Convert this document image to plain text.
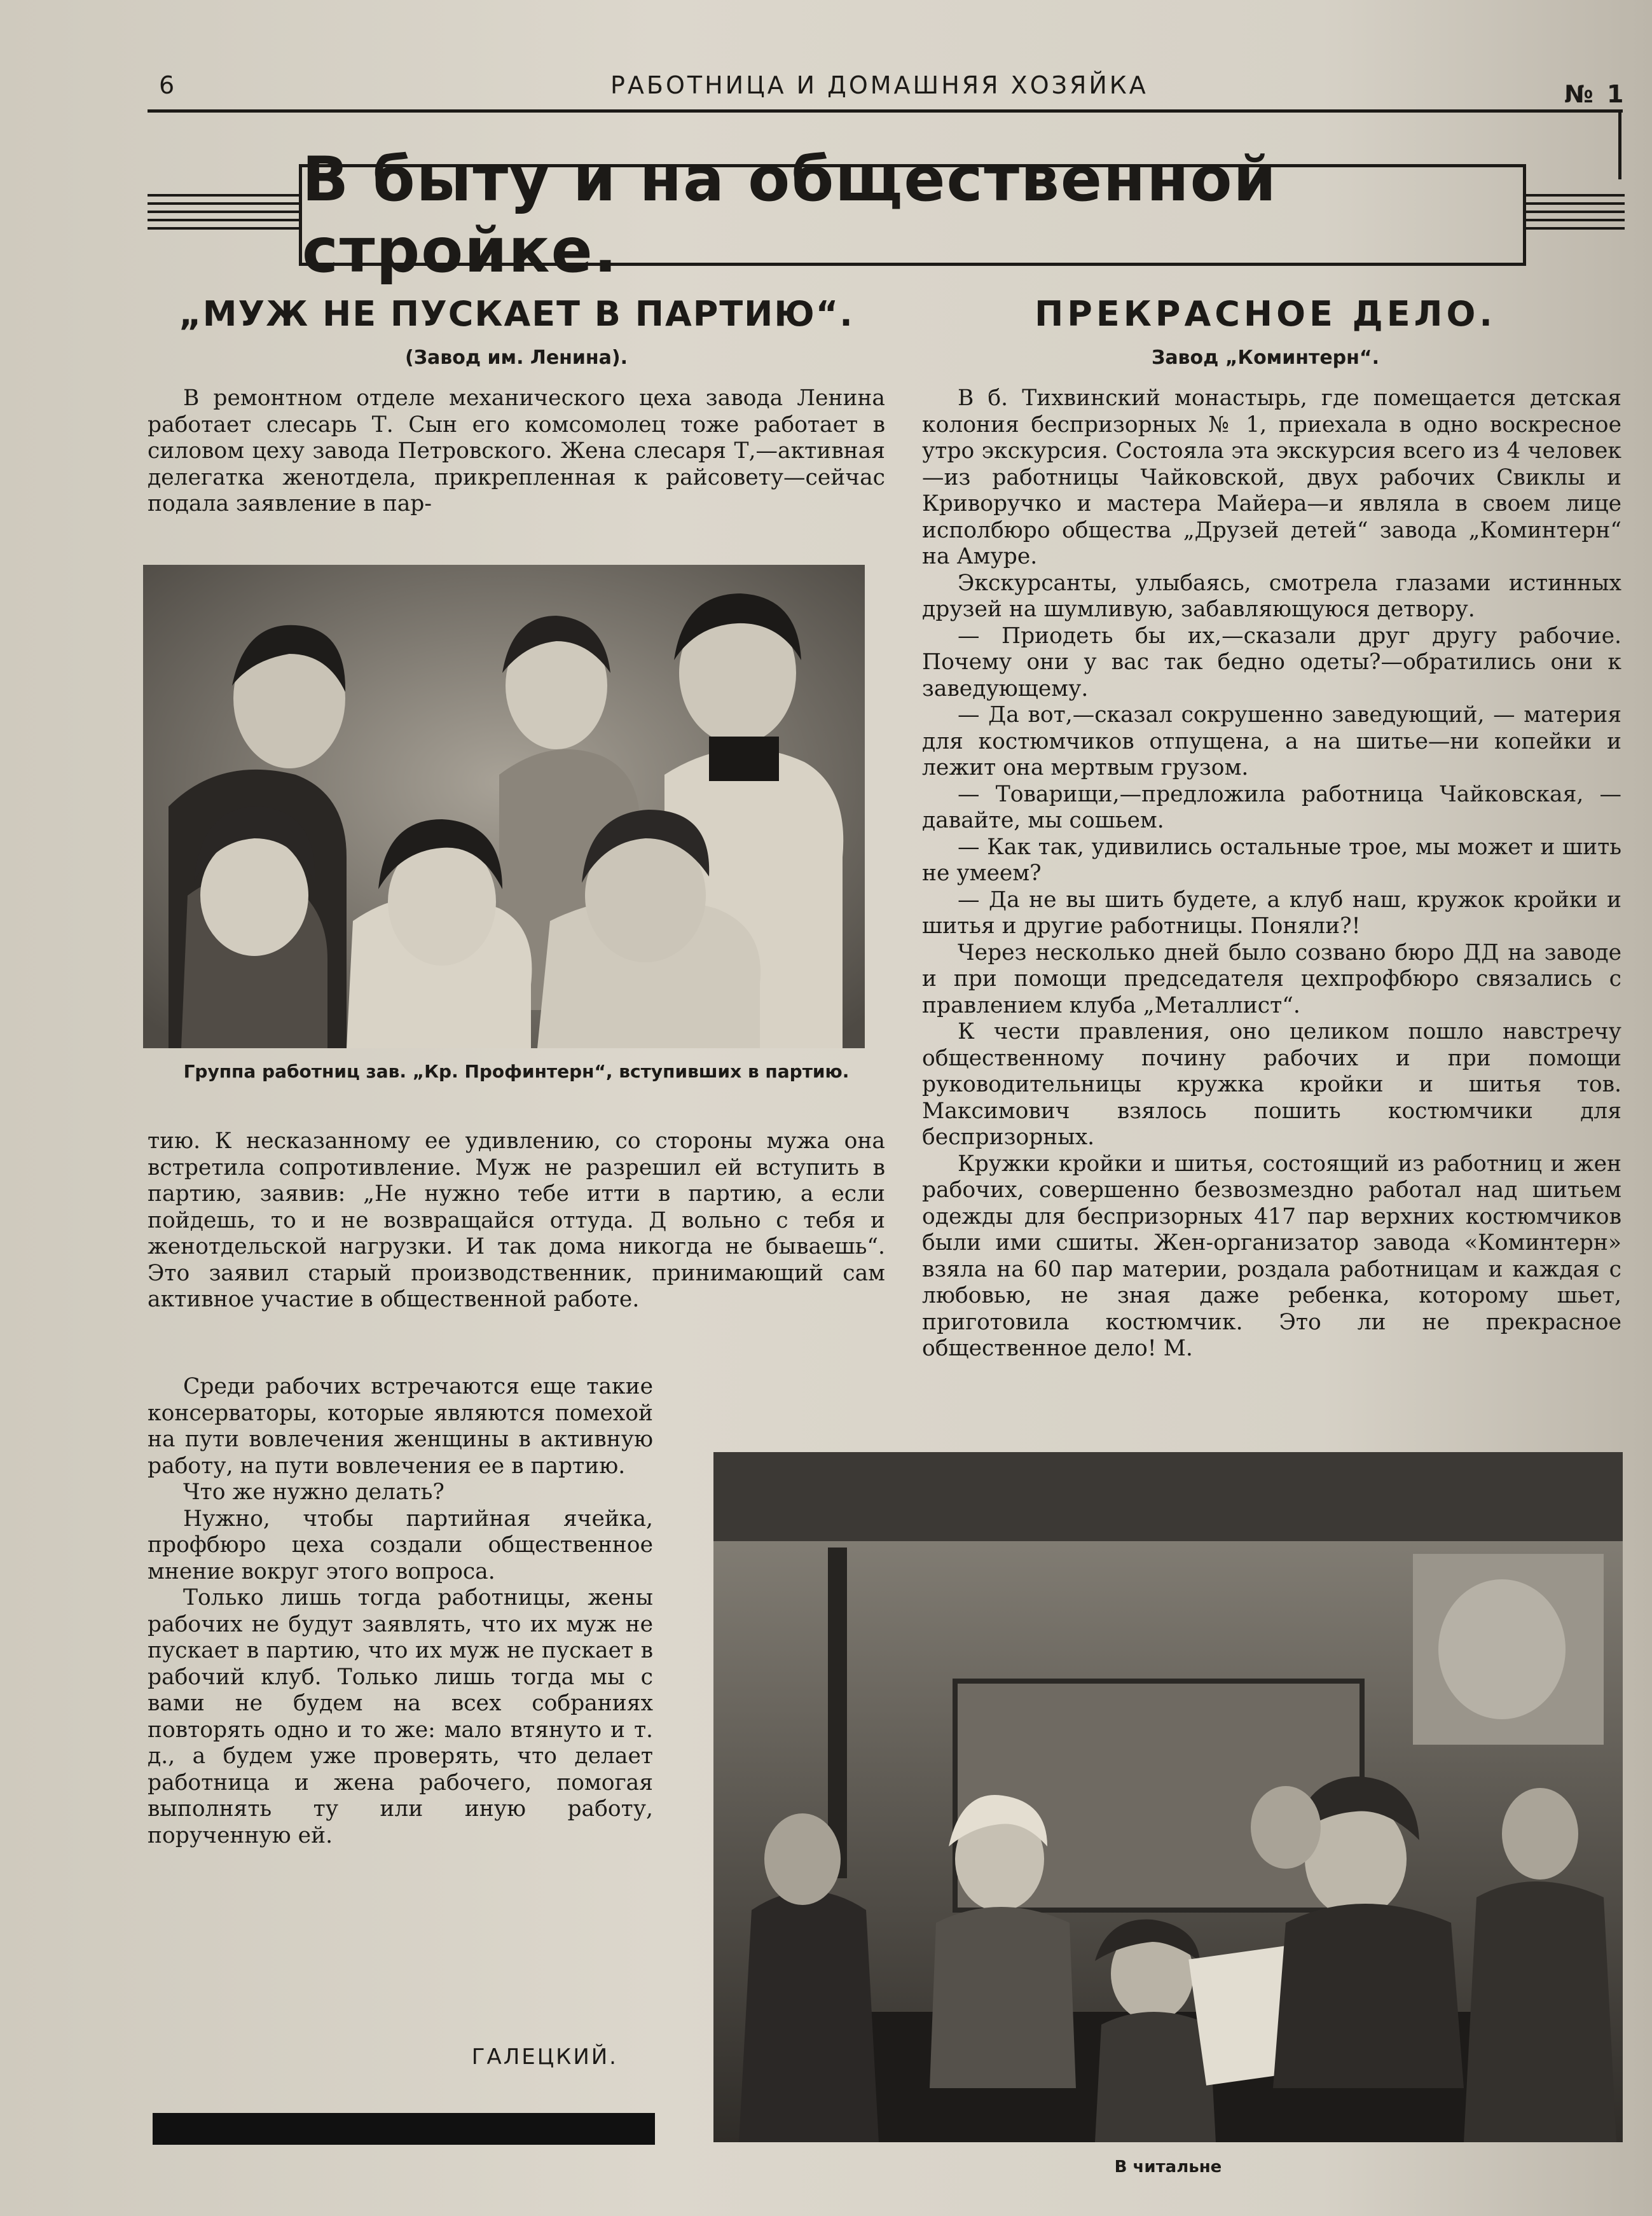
6	РАБОТНИЦА И ДОМАШНЯЯ ХОЗЯЙКА	№ 1
В быту и на общественной стройке.
„МУЖ НЕ ПУСКАЕТ В ПАРТИЮ“.
(Завод им. Ленина).

В ремонтном отделе механического цеха завода Ленина работает слесарь Т. Сын его комсомолец тоже работает в силовом цеху завода Петровского. Жена слесаря Т,—активная делегатка женотдела, прикрепленная к райсовету—сейчас подала заявление в пар-

Группа работниц зав. „Кр. Профинтерн“, вступивших в партию.

тию. К несказанному ее удивлению, со стороны мужа она встретила сопротивление. Муж не разрешил ей вступить в партию, заявив: „Не нужно тебе итти в партию, а если пойдешь, то и не возвращайся оттуда. Д вольно с тебя и женотдельской нагрузки. И так дома никогда не бываешь“. Это заявил старый производственник, принимающий сам активное участие в общественной работе.

Среди рабочих встречаются еще такие консерваторы, которые являются помехой на пути вовлечения женщины в активную работу, на пути вовлечения ее в партию.

Что же нужно делать?

Нужно, чтобы партийная ячейка, профбюро цеха создали общественное мнение вокруг этого вопроса.

Только лишь тогда работницы, жены рабочих не будут заявлять, что их муж не пускает в партию, что их муж не пускает в рабочий клуб. Только лишь тогда мы с вами не будем на всех собраниях повторять одно и то же: мало втянуто и т. д., а будем уже проверять, что делает работница и жена рабочего, помогая выполнять ту или иную работу, порученную ей.

ГАЛЕЦКИЙ.
ПРЕКРАСНОЕ ДЕЛО.
Завод „Коминтерн“.

В б. Тихвинский монастырь, где помещается детская колония беспризорных № 1, приехала в одно воскресное утро экскурсия. Состояла эта экскурсия всего из 4 человек—из работницы Чайковской, двух рабочих Свиклы и Криворучко и мастера Майера—и являла в своем лице исполбюро общества „Друзей детей“ завода „Коминтерн“ на Амуре.

Экскурсанты, улыбаясь, смотрела глазами истинных друзей на шумливую, забавляющуюся детвору.

— Приодеть бы их,—сказали друг другу рабочие. Почему они у вас так бедно одеты?—обратились они к заведующему.

— Да вот,—сказал сокрушенно заведующий, — материя для костюмчиков отпущена, а на шитье—ни копейки и лежит она мертвым грузом.

— Товарищи,—предложила работница Чайковская, —давайте, мы сошьем.

— Как так, удивились остальные трое, мы может и шить не умеем?

— Да не вы шить будете, а клуб наш, кружок кройки и шитья и другие работницы. Поняли?!

Через несколько дней было созвано бюро ДД на заводе и при помощи председателя цехпрофбюро связались с правлением клуба „Металлист“.

К чести правления, оно целиком пошло навстречу общественному почину рабочих и при помощи руководительницы кружка кройки и шитья тов. Максимович взялось пошить костюмчики для беспризорных.

Кружки кройки и шитья, состоящий из работниц и жен рабочих, совершенно безвозмездно работал над шитьем одежды для беспризорных 417 пар верхних костюмчиков были ими сшиты. Жен-организатор завода «Коминтерн» взяла на 60 пар материи, роздала работницам и каждая с любовью, не зная даже ребенка, которому шьет, приготовила костюмчик. Это ли не прекрасное общественное дело! М.

В читальне
